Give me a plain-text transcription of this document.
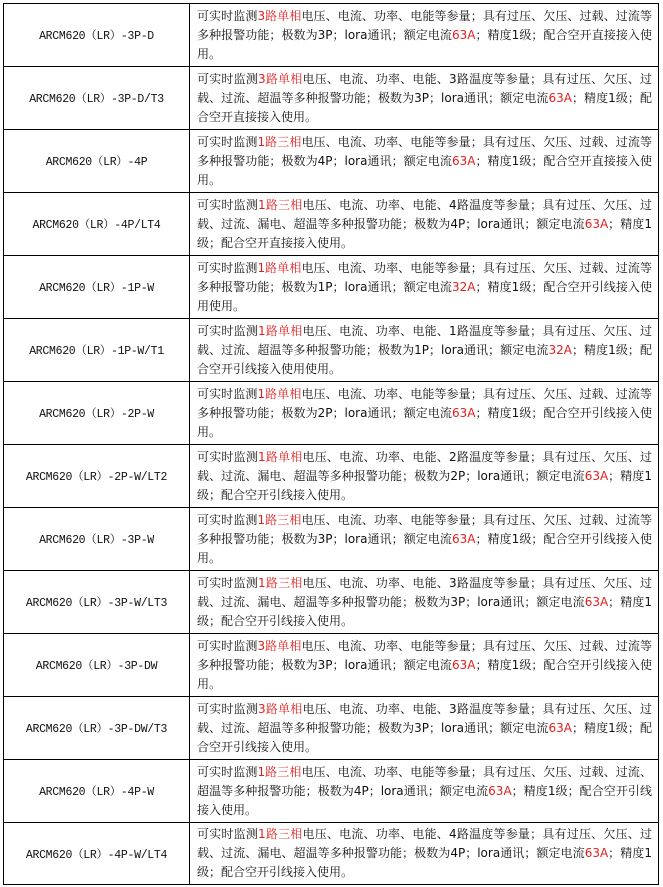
ARCM620（LR）-3P-D	可实时监测3路单相电压、电流、功率、电能等参量；具有过压、欠压、过载、过流等多种报警功能；极数为3P；lora通讯；额定电流63A；精度1级；配合空开直接接入使用。
ARCM620（LR）-3P-D/T3	可实时监测3路单相电压、电流、功率、电能、3路温度等参量；具有过压、欠压、过载、过流、超温等多种报警功能；极数为3P；lora通讯；额定电流63A；精度1级；配合空开直接接入使用。
ARCM620（LR）-4P	可实时监测1路三相电压、电流、功率、电能等参量；具有过压、欠压、过载、过流等多种报警功能；极数为4P；lora通讯；额定电流63A；精度1级；配合空开直接接入使用。
ARCM620（LR）-4P/LT4	可实时监测1路三相电压、电流、功率、电能、4路温度等参量；具有过压、欠压、过载、过流、漏电、超温等多种报警功能；极数为4P；lora通讯；额定电流63A；精度1级；配合空开直接接入使用。
ARCM620（LR）-1P-W	可实时监测1路单相电压、电流、功率、电能等参量；具有过压、欠压、过载、过流等多种报警功能；极数为1P；lora通讯；额定电流32A；精度1级；配合空开引线接入使用使用。
ARCM620（LR）-1P-W/T1	可实时监测1路单相电压、电流、功率、电能、1路温度等参量；具有过压、欠压、过载、过流、超温等多种报警功能；极数为1P；lora通讯；额定电流32A；精度1级；配合空开引线接入使用使用。
ARCM620（LR）-2P-W	可实时监测1路单相电压、电流、功率、电能等参量；具有过压、欠压、过载、过流等多种报警功能；极数为2P；lora通讯；额定电流63A；精度1级；配合空开引线接入使用。
ARCM620（LR）-2P-W/LT2	可实时监测1路单相电压、电流、功率、电能、2路温度等参量；具有过压、欠压、过载、过流、漏电、超温等多种报警功能；极数为2P；lora通讯；额定电流63A；精度1级；配合空开引线接入使用。
ARCM620（LR）-3P-W	可实时监测1路三相电压、电流、功率、电能等参量；具有过压、欠压、过载、过流等多种报警功能；极数为3P；lora通讯；额定电流63A；精度1级；配合空开引线接入使用。
ARCM620（LR）-3P-W/LT3	可实时监测1路三相电压、电流、功率、电能、3路温度等参量；具有过压、欠压、过载、过流、漏电、超温等多种报警功能；极数为3P；lora通讯；额定电流63A；精度1级；配合空开引线接入使用。
ARCM620（LR）-3P-DW	可实时监测3路单相电压、电流、功率、电能等参量；具有过压、欠压、过载、过流等多种报警功能；极数为3P；lora通讯；额定电流63A；精度1级；配合空开引线接入使用。
ARCM620（LR）-3P-DW/T3	可实时监测3路单相电压、电流、功率、电能、3路温度等参量；具有过压、欠压、过载、过流、超温等多种报警功能；极数为3P；lora通讯；额定电流63A；精度1级；配合空开引线接入使用。
ARCM620（LR）-4P-W	可实时监测1路三相电压、电流、功率、电能等参量；具有过压、欠压、过载、过流、超温等多种报警功能；极数为4P；lora通讯；额定电流63A；精度1级；配合空开引线接入使用。
ARCM620（LR）-4P-W/LT4	可实时监测1路三相电压、电流、功率、电能、4路温度等参量；具有过压、欠压、过载、过流、漏电、超温等多种报警功能；极数为4P；lora通讯；额定电流63A；精度1级；配合空开引线接入使用。
